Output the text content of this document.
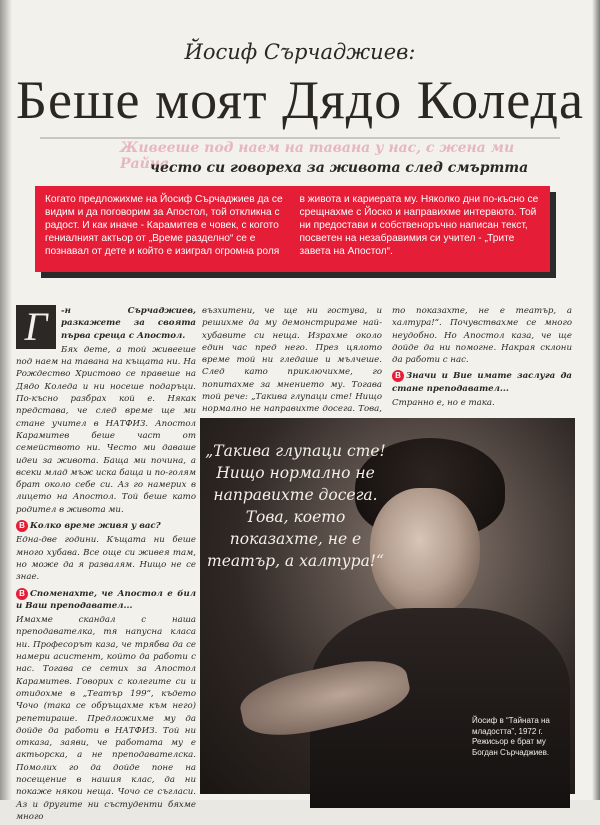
Йосиф Сърчаджиев:
Беше моят Дядо Коледа
Живееше под наем на тавана у нас, с жена ми Райна
често си говореха за живота след смъртта
Когато предложихме на Йосиф Сърчаджиев да се видим и да поговорим за Апостол, той откликна с радост. И как иначе - Карамитев е човек, с когото гениалният актьор от „Време разделно“ се е познавал от дете и който е изиграл огромна роля
в живота и кариерата му. Няколко дни по-късно се срещнахме с Йоско и направихме интервюто. Той ни предостави и собственоръчно написан текст, посветен на незабравимия си учител - „Трите завета на Апостол“.
Г	-н Сърчаджиев, разкажете за своята първа среща с Апостол.

Бях дете, а той живееше под наем на тавана на къщата ни. На Рождество Христово се правеше на Дядо Коледа и ни носеше подаръци. По-късно разбрах кой е. Някак представа, че след време ще ми стане учител в НАТФИЗ. Апостол Карамитев беше част от семейството ни. Често ми даваше идеи за живота. Баща ми почина, а всеки млад мъж иска баща и по-голям брат около себе си. Аз го намерих в лицето на Апостол. Той беше като родител в живота ми.

В Колко време живя у вас?

Една-две години. Къщата ни беше много хубава. Все още си живея там, но може да я развалям. Нищо не се знае.

В Споменахте, че Апостол е бил и Ваш преподавател...

Имахме скандал с наша преподавателка, тя напусна класа ни. Професорът каза, че трябва да се намери асистент, който да работи с нас. Тогава се сетих за Апостол Карамитев. Говорих с колегите си и отидохме в „Театър 199“, където Чочо (така се обръщахме към него) репетираше. Предложихме му да дойде да работи в НАТФИЗ. Той ни отказа, заяви, че работата му е актьорска, а не преподавателска. Помолих го да дойде поне на посещение в нашия клас, да ни покаже някои неща. Чочо се съгласи. Аз и другите ни състуденти бяхме много

възхитени, че ще ни гостува, и решихме да му демонстрираме най-хубавите си неща. Израхме около един час пред него. През цялото време той ни гледаше и мълчеше. След като приключихме, го попитахме за мнението му. Тогава той рече: „Такива глупаци сте! Нищо нормално не направихте досега. Това,

то показахте, не е театър, а халтура!“. Почувствахме се много неудобно. Но Апостол каза, че ще дойде да ни помогне. Накрая склони да работи с нас.

В Значи и Вие имате заслуга да стане преподавател...

Странно е, но е така.

„Такива глупаци сте! Нищо нормално не направихте досега. Това, което показахте, не е театър, а халтура!“
Йосиф в “Тайната на младостта”, 1972 г. Режисьор е брат му Богдан Сърчаджиев.
